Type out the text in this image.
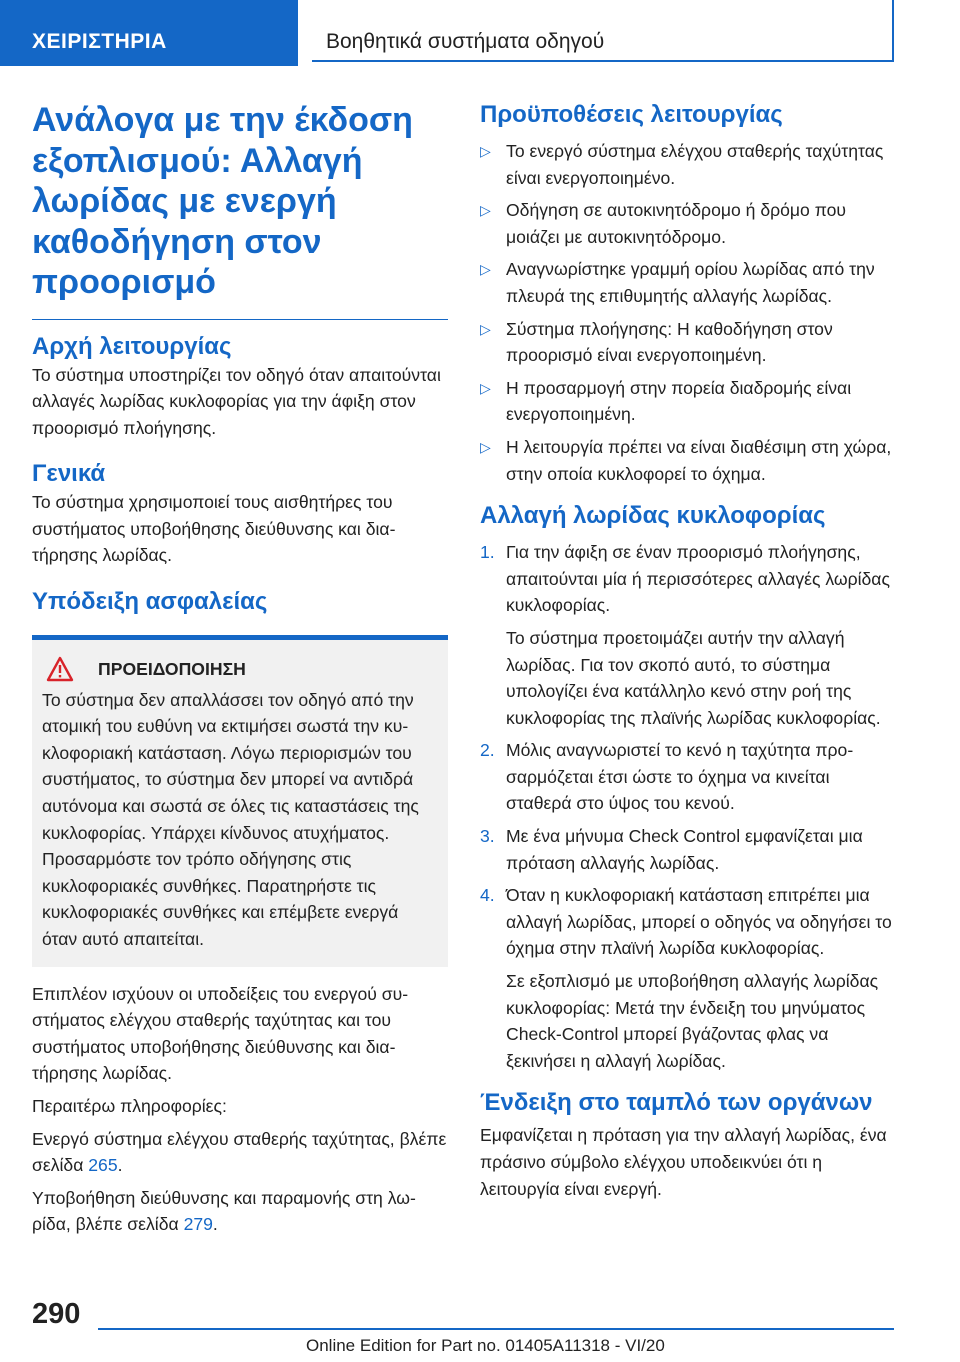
ΧΕΙΡΙΣΤΗΡΙΑ	Βοηθητικά συστήματα οδηγού
Ανάλογα με την έκδοση εξοπλισμού: Αλλαγή λωρίδας με ενεργή καθοδήγηση στον προορισμό
Αρχή λειτουργίας

Το σύστημα υποστηρίζει τον οδηγό όταν απαιτούνται αλλαγές λωρίδας κυκλοφορίας για την άφιξη στον προορισμό πλοήγησης.

Γενικά

Το σύστημα χρησιμοποιεί τους αισθητήρες του συστήματος υποβοήθησης διεύθυνσης και διατήρησης λωρίδας.

Υπόδειξη ασφαλείας
ΠΡΟΕΙΔΟΠΟΙΗΣΗ

Το σύστημα δεν απαλλάσσει τον οδηγό από την ατομική του ευθύνη να εκτιμήσει σωστά την κυκλοφοριακή κατάσταση. Λόγω περιορισμών του συστήματος, το σύστημα δεν μπορεί να αντιδρά αυτόνομα και σωστά σε όλες τις καταστάσεις της κυκλοφορίας. Υπάρχει κίνδυνος ατυχήματος. Προσαρμόστε τον τρόπο οδήγησης στις κυκλοφοριακές συνθήκες. Παρατηρήστε τις κυκλοφοριακές συνθήκες και επέμβετε ενεργά όταν αυτό απαιτείται.

Επιπλέον ισχύουν οι υποδείξεις του ενεργού συστήματος ελέγχου σταθερής ταχύτητας και του συστήματος υποβοήθησης διεύθυνσης και διατήρησης λωρίδας.

Περαιτέρω πληροφορίες:

Ενεργό σύστημα ελέγχου σταθερής ταχύτητας, βλέπε σελίδα 265.

Υποβοήθηση διεύθυνσης και παραμονής στη λωρίδα, βλέπε σελίδα 279.

Προϋποθέσεις λειτουργίας
▷ Το ενεργό σύστημα ελέγχου σταθερής ταχύτητας είναι ενεργοποιημένο.
▷ Οδήγηση σε αυτοκινητόδρομο ή δρόμο που μοιάζει με αυτοκινητόδρομο.
▷ Αναγνωρίστηκε γραμμή ορίου λωρίδας από την πλευρά της επιθυμητής αλλαγής λωρίδας.
▷ Σύστημα πλοήγησης: Η καθοδήγηση στον προορισμό είναι ενεργοποιημένη.
▷ Η προσαρμογή στην πορεία διαδρομής είναι ενεργοποιημένη.
▷ Η λειτουργία πρέπει να είναι διαθέσιμη στη χώρα, στην οποία κυκλοφορεί το όχημα.
Αλλαγή λωρίδας κυκλοφορίας
1. Για την άφιξη σε έναν προορισμό πλοήγησης, απαιτούνται μία ή περισσότερες αλλαγές λωρίδας κυκλοφορίας.

Το σύστημα προετοιμάζει αυτήν την αλλαγή λωρίδας. Για τον σκοπό αυτό, το σύστημα υπολογίζει ένα κατάλληλο κενό στην ροή της κυκλοφορίας της πλαϊνής λωρίδας κυκλοφορίας.

2. Μόλις αναγνωριστεί το κενό η ταχύτητα προσαρμόζεται έτσι ώστε το όχημα να κινείται σταθερά στο ύψος του κενού.

3. Με ένα μήνυμα Check Control εμφανίζεται μια πρόταση αλλαγής λωρίδας.

4. Όταν η κυκλοφοριακή κατάσταση επιτρέπει μια αλλαγή λωρίδας, μπορεί ο οδηγός να οδηγήσει το όχημα στην πλαϊνή λωρίδα κυκλοφορίας.

Σε εξοπλισμό με υποβοήθηση αλλαγής λωρίδας κυκλοφορίας: Μετά την ένδειξη του μηνύματος Check-Control μπορεί βγάζοντας φλας να ξεκινήσει η αλλαγή λωρίδας.

Ένδειξη στο ταμπλό των οργάνων

Εμφανίζεται η πρόταση για την αλλαγή λωρίδας, ένα πράσινο σύμβολο ελέγχου υποδεικνύει ότι η λειτουργία είναι ενεργή.

290
Online Edition for Part no. 01405A11318 - VI/20
